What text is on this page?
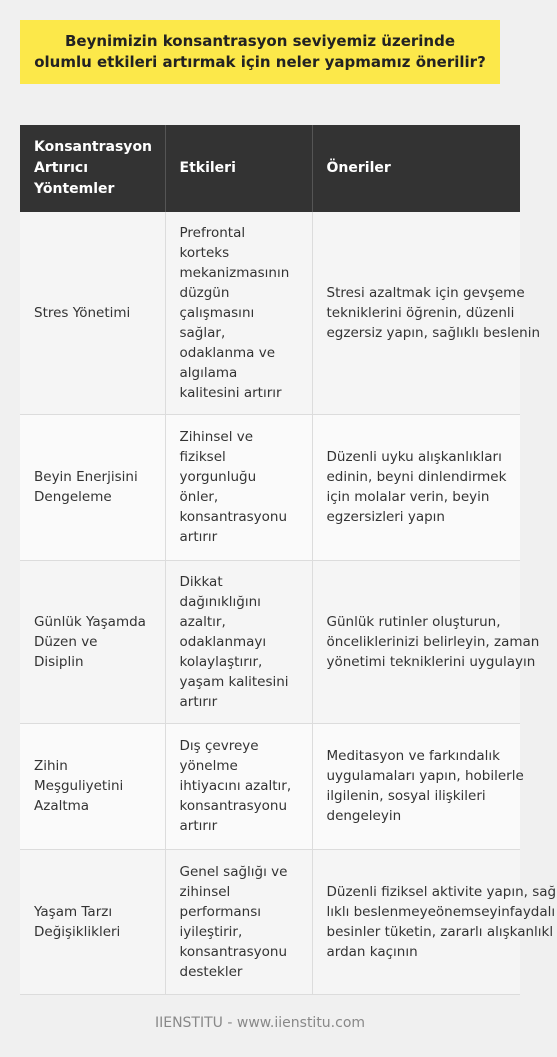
Beynimizin konsantrasyon seviyemiz üzerinde olumlu etkileri artırmak için neler yapmamız önerilir?
Konsantrasyon Artırıcı Yöntemler	Etkileri	Öneriler
Stres Yönetimi	Prefrontal korteks mekanizmasının düzgün çalışmasını sağlar, odaklanma ve algılama kalitesini artırır	Stresi azaltmak için gevşeme tekniklerini öğrenin, düzenli egzersiz yapın, sağlıklı beslenin

Beyin Enerjisini Dengeleme	Zihinsel ve fiziksel yorgunluğu önler, konsantrasyonu artırır	Düzenli uyku alışkanlıkları edinin, beyni dinlendirmek için molalar verin, beyin egzersizleri yapın

Günlük Yaşamda Düzen ve Disiplin	Dikkat dağınıklığını azaltır, odaklanmayı kolaylaştırır, yaşam kalitesini artırır	Günlük rutinler oluşturun, önceliklerinizi belirleyin, zaman yönetimi tekniklerini uygulayın

Zihin Meşguliyetini Azaltma	Dış çevreye yönelme ihtiyacını azaltır, konsantrasyonu artırır	Meditasyon ve farkındalık uygulamaları yapın, hobilerle ilgilenin, sosyal ilişkileri dengeleyin

Yaşam Tarzı Değişiklikleri	Genel sağlığı ve zihinsel performansı iyileştirir, konsantrasyonu destekler	Düzenli fiziksel aktivite yapın, sağlıklı beslenmeyeönemseyinfaydalı besinler tüketin, zararlı alışkanlıklardan kaçının
IIENSTITU - www.iienstitu.com
